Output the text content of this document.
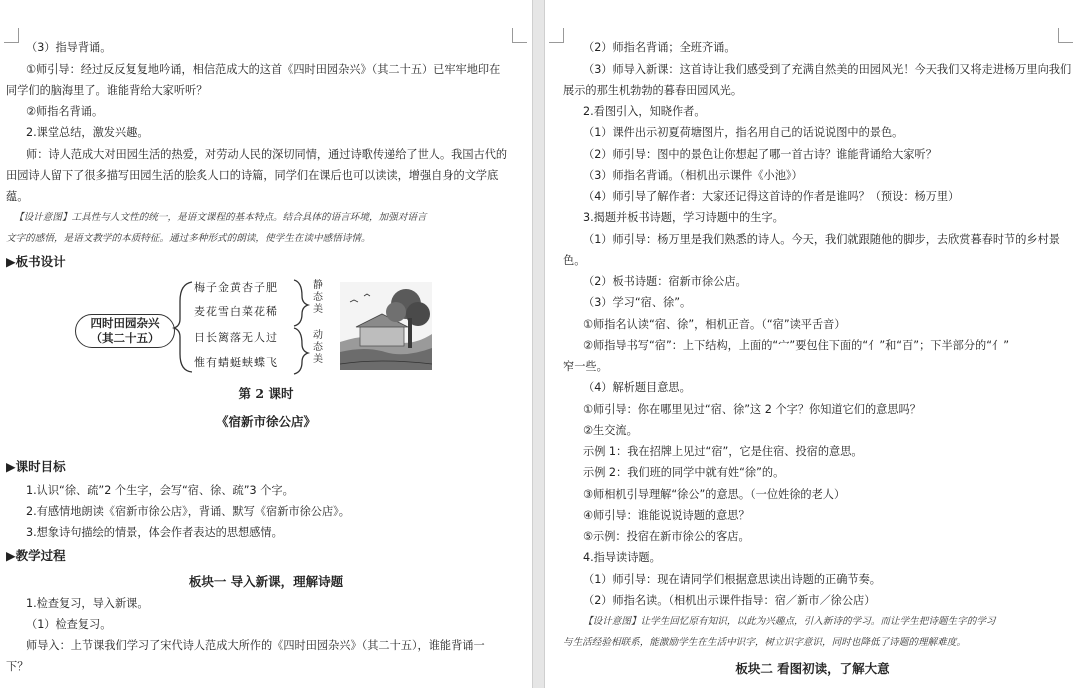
（3）指导背诵。
①师引导：经过反反复复地吟诵，相信范成大的这首《四时田园杂兴》（其二十五）已牢牢地印在
同学们的脑海里了。谁能背给大家听听？
②师指名背诵。
2.课堂总结，激发兴趣。
师：诗人范成大对田园生活的热爱，对劳动人民的深切同情，通过诗歌传递给了世人。我国古代的
田园诗人留下了很多描写田园生活的脍炙人口的诗篇，同学们在课后也可以读读，增强自身的文学底
蕴。
【设计意图】工具性与人文性的统一，是语文课程的基本特点。结合具体的语言环境，加强对语言
文字的感悟，是语文教学的本质特征。通过多种形式的朗读，使学生在读中感悟诗情。
▶板书设计
四时田园杂兴
（其二十五）
梅子金黄杏子肥
麦花雪白菜花稀
日长篱落无人过
惟有蜻蜓蛱蝶飞
静态美
动态美
第 2 课时
《宿新市徐公店》
▶课时目标
1.认识“徐、疏”2 个生字，会写“宿、徐、疏”3 个字。
2.有感情地朗读《宿新市徐公店》，背诵、默写《宿新市徐公店》。
3.想象诗句描绘的情景，体会作者表达的思想感情。
▶教学过程
板块一 导入新课，理解诗题
1.检查复习，导入新课。
（1）检查复习。
师导入：上节课我们学习了宋代诗人范成大所作的《四时田园杂兴》（其二十五），谁能背诵一
下？
（2）师指名背诵；全班齐诵。
（3）师导入新课：这首诗让我们感受到了充满自然美的田园风光！今天我们又将走进杨万里向我们
展示的那生机勃勃的暮春田园风光。
2.看图引入，知晓作者。
（1）课件出示初夏荷塘图片，指名用自己的话说说图中的景色。
（2）师引导：图中的景色让你想起了哪一首古诗？谁能背诵给大家听？
（3）师指名背诵。（相机出示课件《小池》）
（4）师引导了解作者：大家还记得这首诗的作者是谁吗？（预设：杨万里）
3.揭题并板书诗题，学习诗题中的生字。
（1）师引导：杨万里是我们熟悉的诗人。今天，我们就跟随他的脚步，去欣赏暮春时节的乡村景
色。
（2）板书诗题：宿新市徐公店。
（3）学习“宿、徐”。
①师指名认读“宿、徐”，相机正音。（“宿”读平舌音）
②师指导书写“宿”：上下结构，上面的“宀”要包住下面的“亻”和“百”；下半部分的“亻”
窄一些。
（4）解析题目意思。
①师引导：你在哪里见过“宿、徐”这 2 个字？你知道它们的意思吗？
②生交流。
示例 1：我在招牌上见过“宿”，它是住宿、投宿的意思。
示例 2：我们班的同学中就有姓“徐”的。
③师相机引导理解“徐公”的意思。（一位姓徐的老人）
④师引导：谁能说说诗题的意思？
⑤示例：投宿在新市徐公的客店。
4.指导读诗题。
（1）师引导：现在请同学们根据意思读出诗题的正确节奏。
（2）师指名读。（相机出示课件指导：宿／新市／徐公店）
【设计意图】让学生回忆原有知识，以此为兴趣点，引入新诗的学习。而让学生把诗题生字的学习
与生活经验相联系，能激励学生在生活中识字，树立识字意识，同时也降低了诗题的理解难度。
板块二 看图初读，了解大意
